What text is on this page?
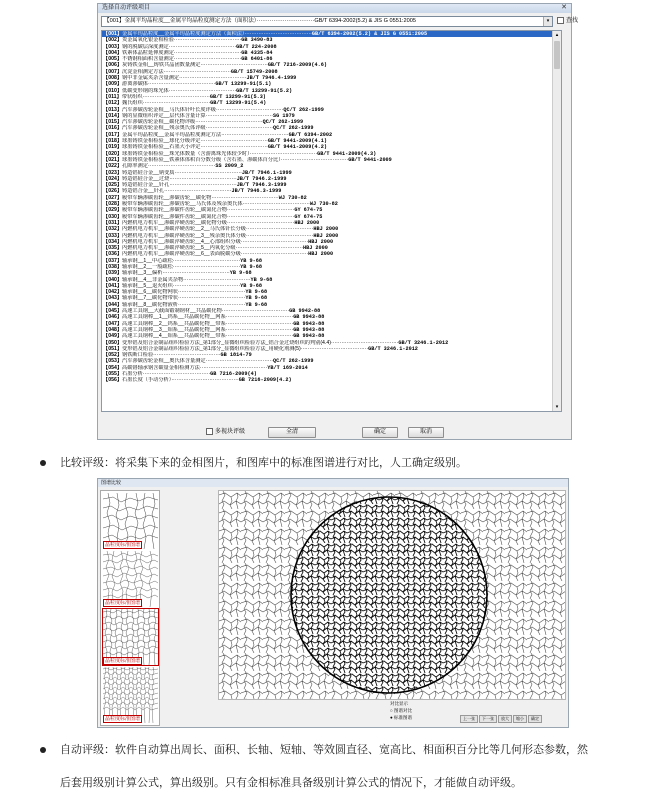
选择自动评级项目	✕
【001】金属平均晶粒度__金属平均晶粒度测定方法（面积法）·······························GB/T 6394-2002(5.2) & JIS G 0551:2005	▾	查找
【001】金属平均晶粒度__金属平均晶粒度测定方法（面积法）·······································GB/T 6394-2002(5.2) & JIS G 0551:2005
【002】贵金属氧化银金相检验·······································GB 3490-83
【003】钢的脱碳层深度测定·······································GB/T 224-2008
【004】铁素体晶粒延伸度测定·······································GB 4335-84
【005】不锈钢相面积含量测定·······································GB 6401-86
【006】灰铸铁金相__铸铁共晶团数量测定·······································GB/T 7216-2009(4.6)
【007】沉淀金相测定方法·······································GB/T 15749-2008
【008】钢中非金属夹杂含量测定·······································JB/T 7946.4-1999
【009】游离渗碳体·······································GB/T 13299-91(5.1)
【010】低碳变形钢的珠光体·······································GB/T 13299-91(5.2)
【011】带状组织·······································GB/T 13299-91(5.3)
【012】魏氏组织·······································GB/T 13299-91(5.4)
【013】汽车渗碳齿轮金相__马氏体针叶长度评级·······································QC/T 262-1999
【014】钢的显微组织评定__层代体含量计算·······································SG 1979
【015】汽车渗碳齿轮金相__碳化物评级·······································QC/T 262-1999
【016】汽车渗碳齿轮金相__残余奥氏体评级·······································QC/T 262-1999
【017】金属平均晶粒度__金属平均晶粒度测定方法·······································GB/T 6394-2002
【018】球墨铸铁金相检验__球化分级评定·······································GB/T 9441-2009(4.1)
【019】球墨铸铁金相检验__石墨大小评定·······································GB/T 9441-2009(4.2)
【020】球墨铸铁金相检验__珠光体数量（含游离珠光体较少时）·······································GB/T 9441-2009(4.3)
【021】球墨铸铁金相检验__铁素体体积百分数分级（含石墨、渗碳体百分比）·······································GB/T 9441-2009
【022】孔隙率测定·······································SS 2009_2
【023】铸造铝硅合金__钠变质·······································JB/T 7946.1-1999
【024】铸造铝硅合金__过烧·······································JB/T 7946.2-1999
【025】铸造铝硅合金__针孔·······································JB/T 7946.3-1999
【026】铸造铝合金__针孔·······································JB/T 7946.3-1999
【027】履带车辆渗碳齿轮__渗碳齿轮__碳化物·······································WJ 730-82
【028】履带车辆渗碳齿轮__渗碳齿轮__马氏体及残余奥氏体·······································WJ 730-82
【029】履带车辆渗碳齿轮__渗碳件齿轮__碳氮化合物·······································GY 674-75
【030】履带车辆渗碳齿轮__渗碳件齿轮__碳氮化合物·······································GY 674-75
【031】内燃机电力机车__渗碳淬硬齿轮__碳化物分级·······································HBJ 2000
【032】内燃机电力机车__渗碳淬硬齿轮__2__马氏体针长分级·······································HBJ 2000
【033】内燃机电力机车__渗碳淬硬齿轮__3__残余奥氏体分级·······································HBJ 2000
【034】内燃机电力机车__渗碳淬硬齿轮__4__心部组织分级·······································HBJ 2000
【035】内燃机电力机车__渗碳淬硬齿轮__5__内氧化分级·······································HBJ 2000
【036】内燃机电力机车__渗碳淬硬齿轮__6__表面脱碳分级·······································HBJ 2000
【037】轴承钢__1__中心疏松·······································YB 9-68
【038】轴承钢__2__一般疏松·······································YB 9-68
【039】轴承钢__3__偏析·······································YB 9-68
【040】轴承钢__4__非金属夹杂物·······································YB 9-68
【041】轴承钢__5__退火组织·······································YB 9-68
【042】轴承钢__6__碳化物网状·······································YB 9-68
【043】轴承钢__7__碳化物带状·······································YB 9-68
【044】轴承钢__8__碳化物液析·······································YB 9-68
【045】高速工具钢__大截面锻制钢材__共晶碳化物·······································GB 9942-88
【046】高速工具钢棒__1__钨系__共晶碳化物__网系·······································GB 9943-88
【047】高速工具钢棒__2__钨系__共晶碳化物__带系·······································GB 9943-88
【048】高速工具钢棒__3__钼系__共晶碳化物__网系·······································GB 9943-88
【049】高速工具钢棒__4__钼系__共晶碳化物__带系·······································GB 9943-88
【050】变形铝及铝合金制品组织检验方法_第1部分_显微组织检验方法_铝合金过烧组织的判别(4.4)·······································GB/T 3246.1-2012
【051】变形铝及铝合金制品组织检验方法_第1部分_显微组织检验方法_用硬化剂测(5)·······································GB/T 3246.1-2012
【052】钢铁断口检验·······································GB 1814-79
【053】汽车渗碳齿轮金相__奥氏体含量测定·······································QC/T 262-1999
【054】高碳铬轴承钢含碳量金相检测方法·······································YB/T 169-2014
【055】石墨分析·······································GB 7216-2009(4)
【056】石墨长度（手动分析）·······································GB 7216-2009(4.2)
▴
▾
多视块评级	全清	确定	取消
比较评级：将采集下来的金相图片，和图库中的标准图谱进行对比，人工确定级别。
图谱比较
晶粒度标准图谱
晶粒度标准图谱
晶粒度标准图谱
晶粒度标准图谱
对比显示
○ 图谱对比
● 标准图谱	上一张 下一张 放大 缩小 确定
自动评级：软件自动算出周长、面积、长轴、短轴、等效圆直径、宽高比、相面积百分比等几何形态参数，然
后套用级别计算公式，算出级别。只有金相标准具备级别计算公式的情况下，才能做自动评级。
